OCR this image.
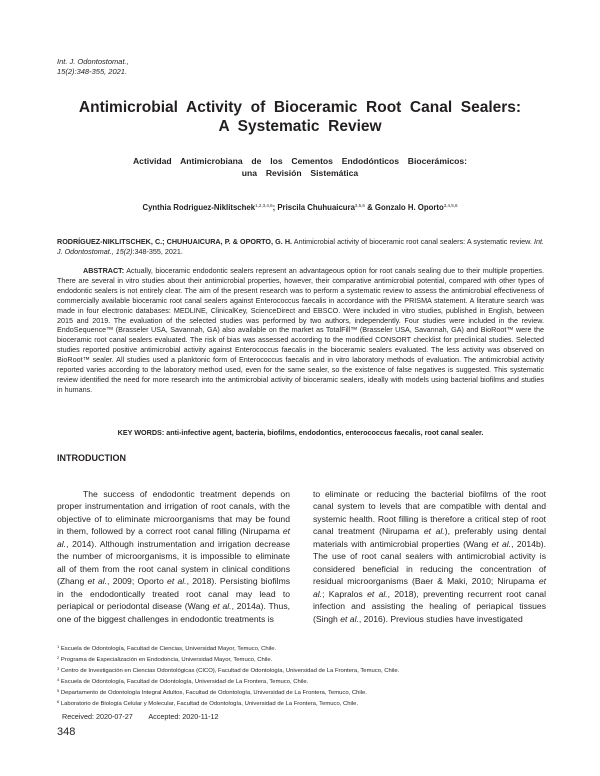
Int. J. Odontostomat.,
15(2):348-355, 2021.
Antimicrobial  Activity  of  Bioceramic  Root  Canal  Sealers:
A  Systematic  Review
Actividad  Antimicrobiana  de  los  Cementos  Endodónticos  Biocerámicos:
una  Revisión  Sistemática
Cynthia Rodriguez-Niklitschek$^{1,2,3,4,6}$; Priscila Chuhuaicura$^{3,5,6}$ & Gonzalo H. Oporto$^{3,4,5,6}$
RODRÍGUEZ-NIKLITSCHEK, C.; CHUHUAICURA, P. & OPORTO, G. H. Antimicrobial activity of bioceramic root canal sealers: A systematic review. Int. J. Odontostomat., 15(2):348-355, 2021.
ABSTRACT: Actually, bioceramic endodontic sealers represent an advantageous option for root canals sealing due to their multiple properties. There are several in vitro studies about their antimicrobial properties, however, their comparative antimicrobial potential, compared with other types of endodontic sealers is not entirely clear. The aim of the present research was to perform a systematic review to assess the antimicrobial effectiveness of commercially available bioceramic root canal sealers against Enterococcus faecalis in accordance with the PRISMA statement. A literature search was made in four electronic databases: MEDLINE, ClinicalKey, ScienceDirect and EBSCO. Were included in vitro studies, published in English, between 2015 and 2019. The evaluation of the selected studies was performed by two authors, independently. Four studies were included in the review. EndoSequence™ (Brasseler USA, Savannah, GA) also available on the market as TotalFill™ (Brasseler USA, Savannah, GA) and BioRoot™ were the bioceramic root canal sealers evaluated. The risk of bias was assessed according to the modified CONSORT checklist for preclinical studies. Selected studies reported positive antimicrobial activity against Enterococcus faecalis in the bioceramic sealers evaluated. The less activity was observed on BioRoot™ sealer. All studies used a planktonic form of Enterococcus faecalis and in vitro laboratory methods of evaluation. The antimicrobial activity reported varies according to the laboratory method used, even for the same sealer, so the existence of false negatives is suggested. This systematic review identified the need for more research into the antimicrobial activity of bioceramic sealers, ideally with models using bacterial biofilms and studies in humans.
KEY WORDS: anti-infective agent, bacteria, biofilms, endodontics, enterococcus faecalis, root canal sealer.
INTRODUCTION
The success of endodontic treatment depends on proper instrumentation and irrigation of root canals, with the objective of to eliminate microorganisms that may be found in them, followed by a correct root canal filling (Nirupama et al., 2014). Although instrumentation and irrigation decrease the number of microorganisms, it is impossible to eliminate all of them from the root canal system in clinical conditions (Zhang et al., 2009; Oporto et al., 2018). Persisting biofilms in the endodontically treated root canal may lead to periapical or periodontal disease (Wang et al., 2014a). Thus, one of the biggest challenges in endodontic treatments is
to eliminate or reducing the bacterial biofilms of the root canal system to levels that are compatible with dental and systemic health. Root filling is therefore a critical step of root canal treatment (Nirupama et al.), preferably using dental materials with antimicrobial properties (Wang et al., 2014b). The use of root canal sealers with antimicrobial activity is considered beneficial in reducing the concentration of residual microorganisms (Baer & Maki, 2010; Nirupama et al.; Kapralos et al., 2018), preventing recurrent root canal infection and assisting the healing of periapical tissues (Singh et al., 2016). Previous studies have investigated
$^1$ Escuela de Odontología, Facultad de Ciencias, Universidad Mayor, Temuco, Chile.
$^2$ Programa de Especialización en Endodoncia, Universidad Mayor, Temuco, Chile.
$^3$ Centro de Investigación en Ciencias Odontológicas (CICO), Facultad de Odontología, Universidad de La Frontera, Temuco, Chile.
$^4$ Escuela de Odontología, Facultad de Odontología, Universidad de La Frontera, Temuco, Chile.
$^5$ Departamento de Odontología Integral Adultos, Facultad de Odontología, Universidad de La Frontera, Temuco, Chile.
$^6$ Laboratorio de Biología Celular y Molecular, Facultad de Odontología, Universidad de La Frontera, Temuco, Chile.
Received: 2020-07-27 Accepted: 2020-11-12
348
